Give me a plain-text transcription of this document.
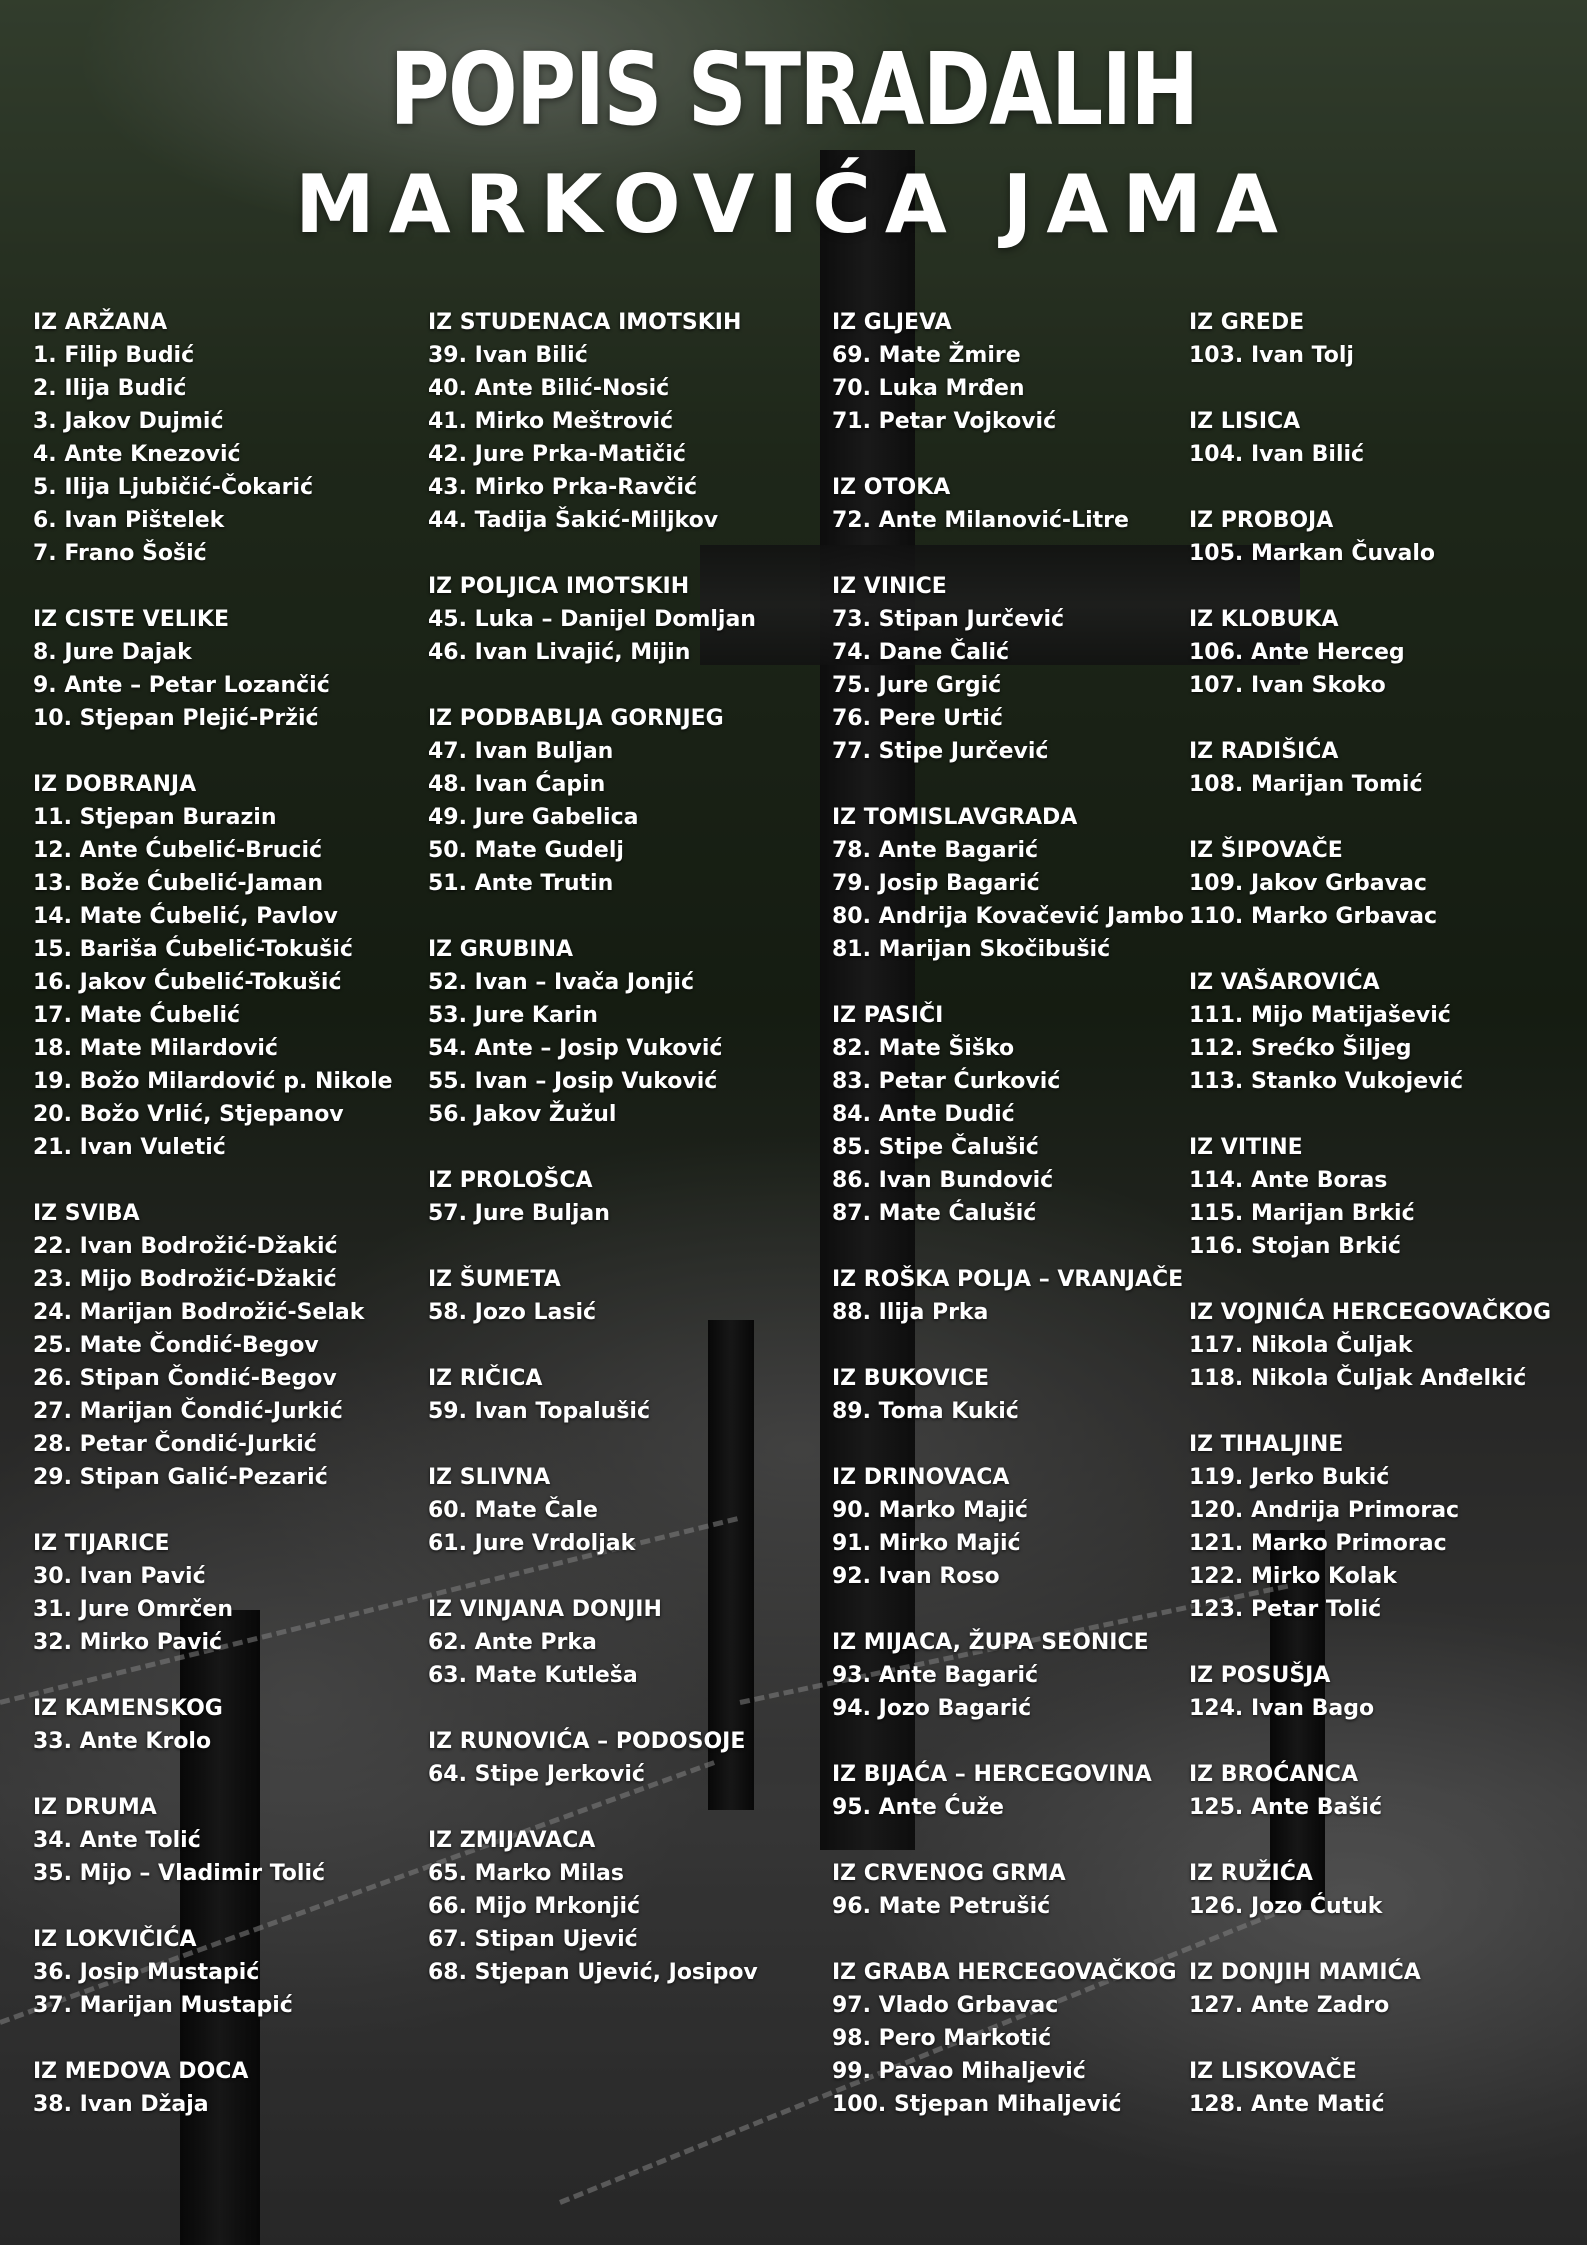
POPIS STRADALIH
MARKOVIĆA JAMA
IZ ARŽANA
1. Filip Budić
2. Ilija Budić
3. Jakov Dujmić
4. Ante Knezović
5. Ilija Ljubičić-Čokarić
6. Ivan Pištelek
7. Frano Šošić
IZ CISTE VELIKE
8. Jure Dajak
9. Ante – Petar Lozančić
10. Stjepan Plejić-Pržić
IZ DOBRANJA
11. Stjepan Burazin
12. Ante Ćubelić-Brucić
13. Bože Ćubelić-Jaman
14. Mate Ćubelić, Pavlov
15. Bariša Ćubelić-Tokušić
16. Jakov Ćubelić-Tokušić
17. Mate Ćubelić
18. Mate Milardović
19. Božo Milardović p. Nikole
20. Božo Vrlić, Stjepanov
21. Ivan Vuletić
IZ SVIBA
22. Ivan Bodrožić-Džakić
23. Mijo Bodrožić-Džakić
24. Marijan Bodrožić-Selak
25. Mate Čondić-Begov
26. Stipan Čondić-Begov
27. Marijan Čondić-Jurkić
28. Petar Čondić-Jurkić
29. Stipan Galić-Pezarić
IZ TIJARICE
30. Ivan Pavić
31. Jure Omrčen
32. Mirko Pavić
IZ KAMENSKOG
33. Ante Krolo
IZ DRUMA
34. Ante Tolić
35. Mijo – Vladimir Tolić
IZ LOKVIČIĆA
36. Josip Mustapić
37. Marijan Mustapić
IZ MEDOVA DOCA
38. Ivan Džaja
IZ STUDENACA IMOTSKIH
39. Ivan Bilić
40. Ante Bilić-Nosić
41. Mirko Meštrović
42. Jure Prka-Matičić
43. Mirko Prka-Ravčić
44. Tadija Šakić-Miljkov
IZ POLJICA IMOTSKIH
45. Luka – Danijel Domljan
46. Ivan Livajić, Mijin
IZ PODBABLJA GORNJEG
47. Ivan Buljan
48. Ivan Ćapin
49. Jure Gabelica
50. Mate Gudelj
51. Ante Trutin
IZ GRUBINA
52. Ivan – Ivača Jonjić
53. Jure Karin
54. Ante – Josip Vuković
55. Ivan – Josip Vuković
56. Jakov Žužul
IZ PROLOŠCA
57. Jure Buljan
IZ ŠUMETA
58. Jozo Lasić
IZ RIČICA
59. Ivan Topalušić
IZ SLIVNA
60. Mate Čale
61. Jure Vrdoljak
IZ VINJANA DONJIH
62. Ante Prka
63. Mate Kutleša
IZ RUNOVIĆA – PODOSOJE
64. Stipe Jerković
IZ ZMIJAVACA
65. Marko Milas
66. Mijo Mrkonjić
67. Stipan Ujević
68. Stjepan Ujević, Josipov
IZ GLJEVA
69. Mate Žmire
70. Luka Mrđen
71. Petar Vojković
IZ OTOKA
72. Ante Milanović-Litre
IZ VINICE
73. Stipan Jurčević
74. Dane Čalić
75. Jure Grgić
76. Pere Urtić
77. Stipe Jurčević
IZ TOMISLAVGRADA
78. Ante Bagarić
79. Josip Bagarić
80. Andrija Kovačević Jambo
81. Marijan Skočibušić
IZ PASIČI
82. Mate Šiško
83. Petar Ćurković
84. Ante Dudić
85. Stipe Čalušić
86. Ivan Bundović
87. Mate Ćalušić
IZ ROŠKA POLJA – VRANJAČE
88. Ilija Prka
IZ BUKOVICE
89. Toma Kukić
IZ DRINOVACA
90. Marko Majić
91. Mirko Majić
92. Ivan Roso
IZ MIJACA, ŽUPA SEONICE
93. Ante Bagarić
94. Jozo Bagarić
IZ BIJAĆA – HERCEGOVINA
95. Ante Ćuže
IZ CRVENOG GRMA
96. Mate Petrušić
IZ GRABA HERCEGOVAČKOG
97. Vlado Grbavac
98. Pero Markotić
99. Pavao Mihaljević
100. Stjepan Mihaljević
IZ GREDE
103. Ivan Tolj
IZ LISICA
104. Ivan Bilić
IZ PROBOJA
105. Markan Čuvalo
IZ KLOBUKA
106. Ante Herceg
107. Ivan Skoko
IZ RADIŠIĆA
108. Marijan Tomić
IZ ŠIPOVAČE
109. Jakov Grbavac
110. Marko Grbavac
IZ VAŠAROVIĆA
111. Mijo Matijašević
112. Srećko Šiljeg
113. Stanko Vukojević
IZ VITINE
114. Ante Boras
115. Marijan Brkić
116. Stojan Brkić
IZ VOJNIĆA HERCEGOVAČKOG
117. Nikola Čuljak
118. Nikola Čuljak Anđelkić
IZ TIHALJINE
119. Jerko Bukić
120. Andrija Primorac
121. Marko Primorac
122. Mirko Kolak
123. Petar Tolić
IZ POSUŠJA
124. Ivan Bago
IZ BROĆANCA
125. Ante Bašić
IZ RUŽIĆA
126. Jozo Ćutuk
IZ DONJIH MAMIĆA
127. Ante Zadro
IZ LISKOVAČE
128. Ante Matić
